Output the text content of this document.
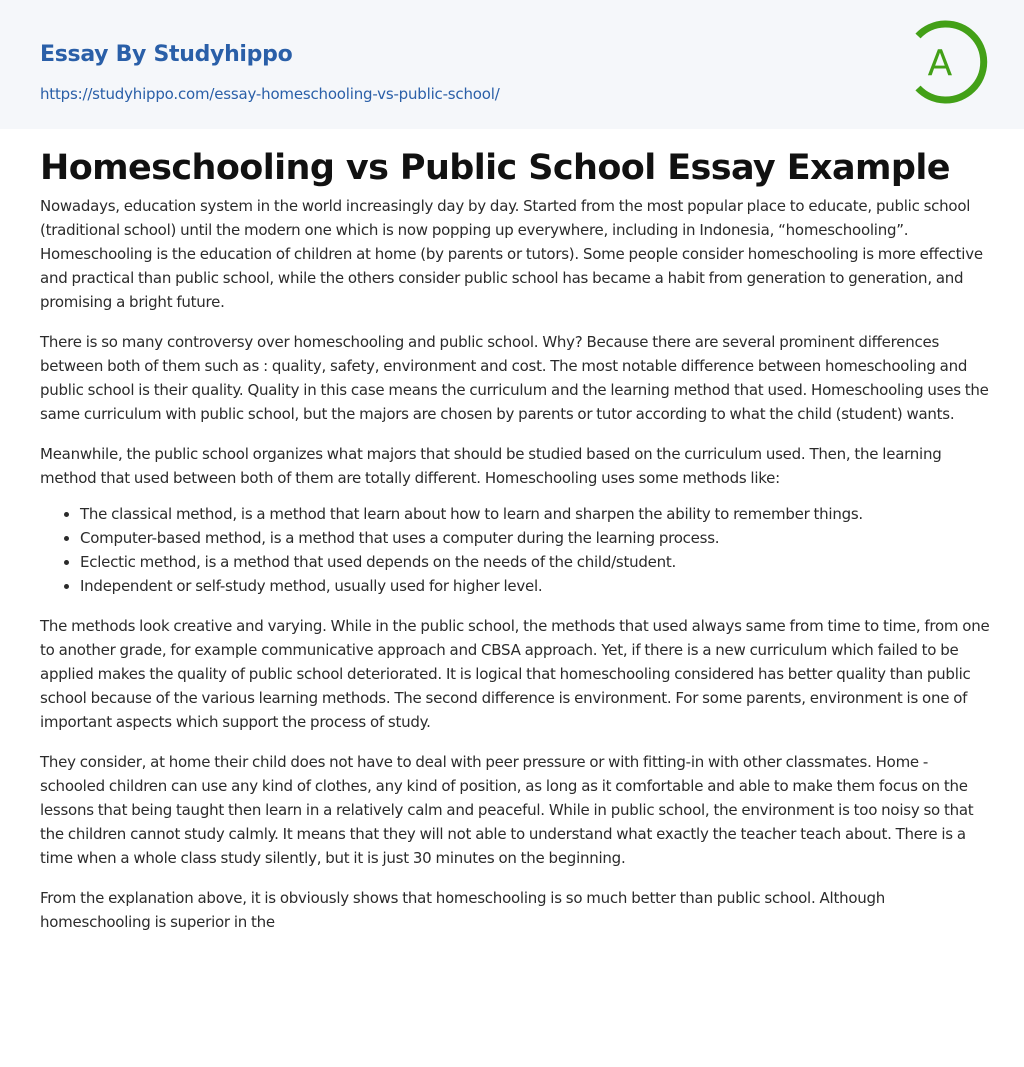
Essay By Studyhippo
https://studyhippo.com/essay-homeschooling-vs-public-school/
A
Homeschooling vs Public School Essay Example

Nowadays, education system in the world increasingly day by day. Started from the most popular place to educate, public school (traditional school) until the modern one which is now popping up everywhere, including in Indonesia, “homeschooling”. Homeschooling is the education of children at home (by parents or tutors). Some people consider homeschooling is more effective and practical than public school, while the others consider public school has became a habit from generation to generation, and promising a bright future.

There is so many controversy over homeschooling and public school. Why? Because there are several prominent differences between both of them such as : quality, safety, environment and cost. The most notable difference between homeschooling and public school is their quality. Quality in this case means the curriculum and the learning method that used. Homeschooling uses the same curriculum with public school, but the majors are chosen by parents or tutor according to what the child (student) wants.

Meanwhile, the public school organizes what majors that should be studied based on the curriculum used. Then, the learning method that used between both of them are totally different. Homeschooling uses some methods like:

• The classical method, is a method that learn about how to learn and sharpen the ability to remember things.
• Computer-based method, is a method that uses a computer during the learning process.
• Eclectic method, is a method that used depends on the needs of the child/student.
• Independent or self-study method, usually used for higher level.

The methods look creative and varying. While in the public school, the methods that used always same from time to time, from one to another grade, for example communicative approach and CBSA approach. Yet, if there is a new curriculum which failed to be applied makes the quality of public school deteriorated. It is logical that homeschooling considered has better quality than public school because of the various learning methods. The second difference is environment. For some parents, environment is one of important aspects which support the process of study.

They consider, at home their child does not have to deal with peer pressure or with fitting-in with other classmates. Home - schooled children can use any kind of clothes, any kind of position, as long as it comfortable and able to make them focus on the lessons that being taught then learn in a relatively calm and peaceful. While in public school, the environment is too noisy so that the children cannot study calmly. It means that they will not able to understand what exactly the teacher teach about. There is a time when a whole class study silently, but it is just 30 minutes on the beginning.

From the explanation above, it is obviously shows that homeschooling is so much better than public school. Although homeschooling is superior in the
